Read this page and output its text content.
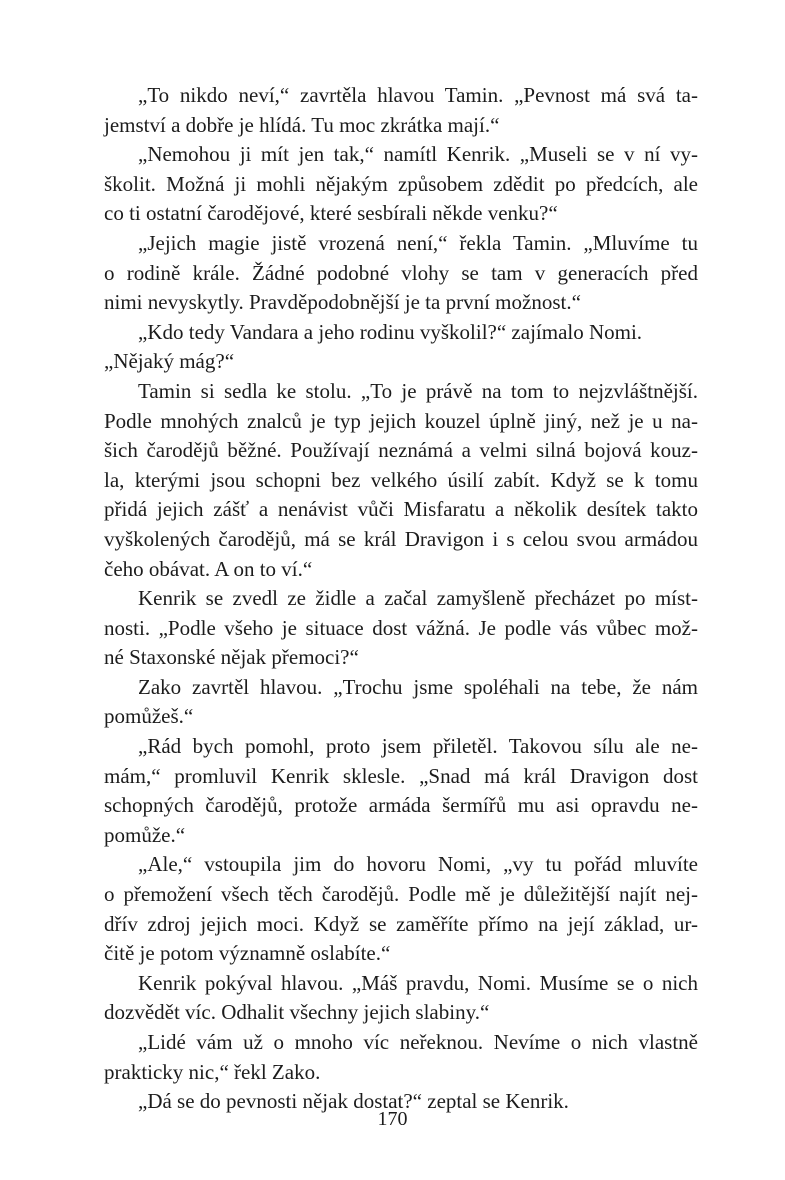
„To nikdo neví,“ zavrtěla hlavou Tamin. „Pevnost má svá ta-
jemství a dobře je hlídá. Tu moc zkrátka mají.“
„Nemohou ji mít jen tak,“ namítl Kenrik. „Museli se v ní vy-
školit. Možná ji mohli nějakým způsobem zdědit po předcích, ale
co ti ostatní čarodějové, které sesbírali někde venku?“
„Jejich magie jistě vrozená není,“ řekla Tamin. „Mluvíme tu
o rodině krále. Žádné podobné vlohy se tam v generacích před
nimi nevyskytly. Pravděpodobnější je ta první možnost.“
„Kdo tedy Vandara a jeho rodinu vyškolil?“ zajímalo Nomi.
„Nějaký mág?“
Tamin si sedla ke stolu. „To je právě na tom to nejzvláštnější.
Podle mnohých znalců je typ jejich kouzel úplně jiný, než je u na-
šich čarodějů běžné. Používají neznámá a velmi silná bojová kouz-
la, kterými jsou schopni bez velkého úsilí zabít. Když se k tomu
přidá jejich zášť a nenávist vůči Misfaratu a několik desítek takto
vyškolených čarodějů, má se král Dravigon i s celou svou armádou
čeho obávat. A on to ví.“
Kenrik se zvedl ze židle a začal zamyšleně přecházet po míst-
nosti. „Podle všeho je situace dost vážná. Je podle vás vůbec mož-
né Staxonské nějak přemoci?“
Zako zavrtěl hlavou. „Trochu jsme spoléhali na tebe, že nám
pomůžeš.“
„Rád bych pomohl, proto jsem přiletěl. Takovou sílu ale ne-
mám,“ promluvil Kenrik sklesle. „Snad má král Dravigon dost
schopných čarodějů, protože armáda šermířů mu asi opravdu ne-
pomůže.“
„Ale,“ vstoupila jim do hovoru Nomi, „vy tu pořád mluvíte
o přemožení všech těch čarodějů. Podle mě je důležitější najít nej-
dřív zdroj jejich moci. Když se zaměříte přímo na její základ, ur-
čitě je potom významně oslabíte.“
Kenrik pokýval hlavou. „Máš pravdu, Nomi. Musíme se o nich
dozvědět víc. Odhalit všechny jejich slabiny.“
„Lidé vám už o mnoho víc neřeknou. Nevíme o nich vlastně
prakticky nic,“ řekl Zako.
„Dá se do pevnosti nějak dostat?“ zeptal se Kenrik.
170
